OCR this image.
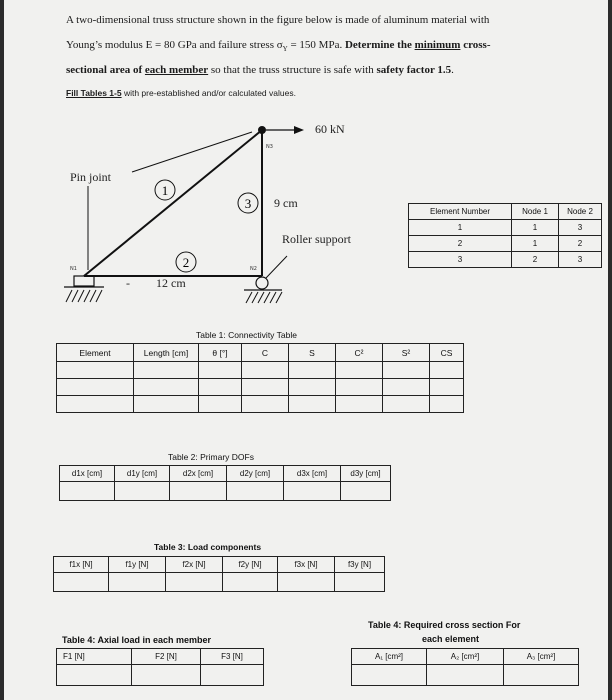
A two-dimensional truss structure shown in the figure below is made of aluminum material with
Young’s modulus E = 80 GPa and failure stress $\sigma_Y = 150$ MPa. Determine the minimum cross-
sectional area of each member so that the truss structure is safe with safety factor 1.5.
Fill Tables 1-5 with pre-established and/or calculated values.
1
2
3
N1	N2
N3
60 kN
Pin joint
9 cm
Roller support
- 12 cm
Element Number	Node 1	Node 2
1	1	3
2	1	2
3	2	3
Table 1: Connectivity Table
Element	Length [cm]	θ [°]	C	S	C²	S²	CS

Table 2: Primary DOFs
d1x [cm]	d1y [cm]	d2x [cm]	d2y [cm]	d3x [cm]	d3y [cm]

Table 3: Load components
f1x [N]	f1y [N]	f2x [N]	f2y [N]	f3x [N]	f3y [N]

Table 4: Axial load in each member
F1 [N]	F2 [N]	F3 [N]

Table 4: Required cross section For
each element
A₁ [cm²]	A₂ [cm²]	A₃ [cm²]
